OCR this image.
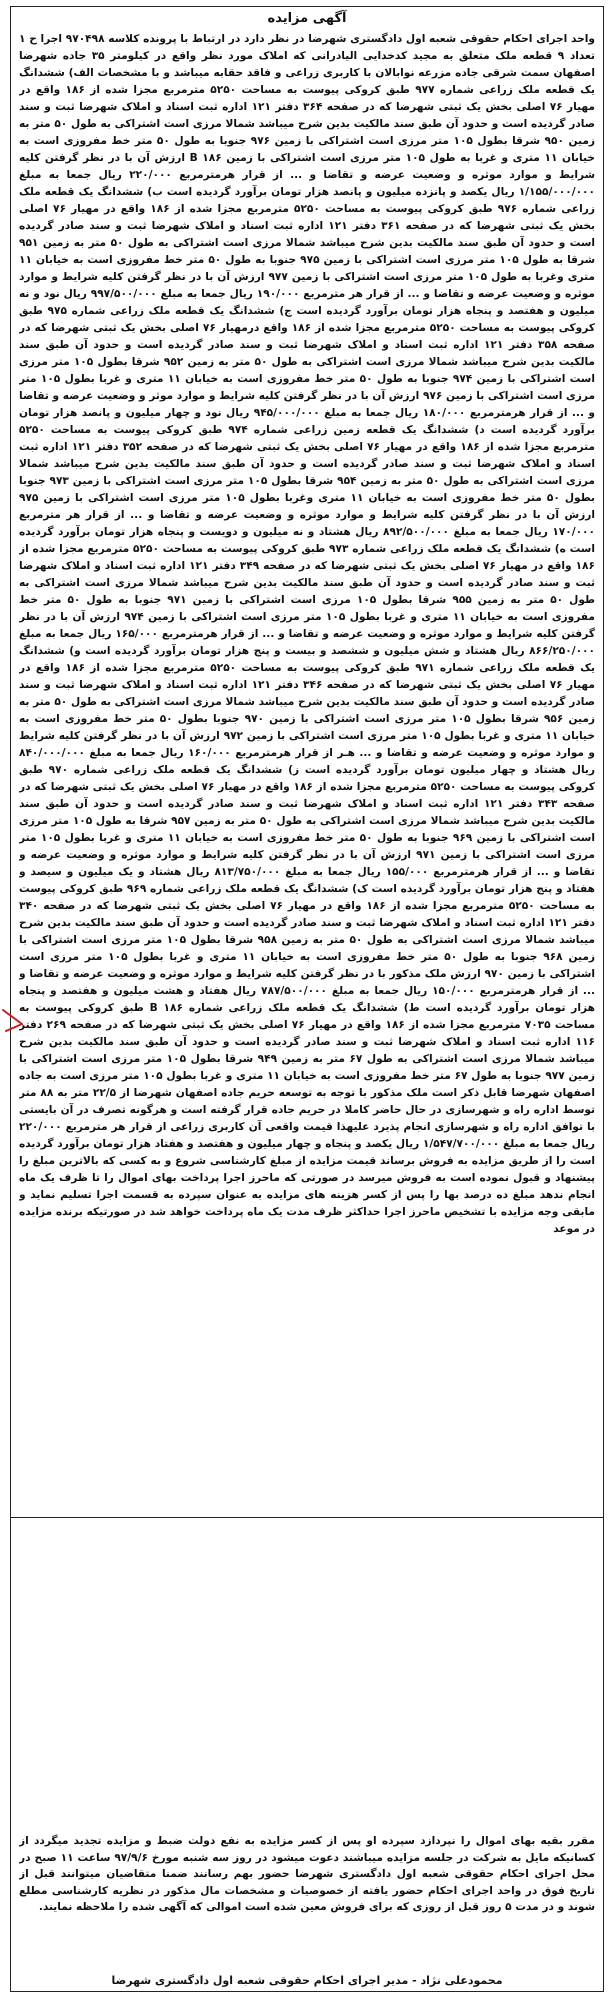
آگهی مزایده

واحد اجرای احکام حقوقی شعبه اول دادگستری شهرضا در نظر دارد در ارتباط با پرونده کلاسه ۹۷۰۴۹۸ اجرا ح ۱ تعداد ۹ قطعه ملک متعلق به مجید کدخدایی الیادرانی که املاک مورد نظر واقع در کیلومتر ۳۵ جاده شهرضا اصفهان سمت شرقی جاده مزرعه نوابالان با کاربری زراعی و فاقد حقابه میباشد و با مشخصات الف) ششدانگ یک قطعه ملک زراعی شماره ۹۷۷ طبق کروکی پیوست به مساحت ۵۲۵۰ مترمربع مجزا شده از ۱۸۶ واقع در مهیار ۷۶ اصلی بخش یک ثبتی شهرضا که در صفحه ۳۶۴ دفتر ۱۲۱ اداره ثبت اسناد و املاک شهرضا ثبت و سند صادر گردیده است و حدود آن طبق سند مالکیت بدین شرح میباشد شمالا مرزی است اشتراکی به طول ۵۰ متر به زمین ۹۵۰ شرقا بطول ۱۰۵ متر مرزی است اشتراکی با زمین ۹۷۶ جنوبا به طول ۵۰ متر خط مفروزی است به خیابان ۱۱ متری و غربا به طول ۱۰۵ متر مرزی است اشتراکی با زمین B ۱۸۶ ارزش آن با در نظر گرفتن کلیه شرایط و موارد موثره و وضعیت عرضه و تقاضا و ... از قرار هرمترمربع ۲۲۰/۰۰۰ ریال جمعا به مبلغ ۱/۱۵۵/۰۰۰/۰۰۰ ریال یکصد و پانزده میلیون و پانصد هزار تومان برآورد گردیده است ب) ششدانگ یک قطعه ملک زراعی شماره ۹۷۶ طبق کروکی پیوست به مساحت ۵۲۵۰ مترمربع مجزا شده از ۱۸۶ واقع در مهیار ۷۶ اصلی بخش یک ثبتی شهرضا که در صفحه ۳۶۱ دفتر ۱۲۱ اداره ثبت اسناد و املاک شهرضا ثبت و سند صادر گردیده است و حدود آن طبق سند مالکیت بدین شرح میباشد شمالا مرزی است اشتراکی به طول ۵۰ متر به زمین ۹۵۱ شرقا به طول ۱۰۵ متر مرزی است اشتراکی با زمین ۹۷۵ جنوبا به طول ۵۰ متر خط مفروزی است به خیابان ۱۱ متری وغربا به طول ۱۰۵ متر مرزی است اشتراکی با زمین ۹۷۷ ارزش آن با در نظر گرفتن کلیه شرایط و موارد موثره و وضعیت عرضه و تقاضا و ... از قرار هر مترمربع ۱۹۰/۰۰۰ ریال جمعا به مبلغ ۹۹۷/۵۰۰/۰۰۰ ریال نود و نه میلیون و هفتصد و پنجاه هزار تومان برآورد گردیده است ج) ششدانگ یک قطعه ملک زراعی شماره ۹۷۵ طبق کروکی پیوست به مساحت ۵۲۵۰ مترمربع مجزا شده از ۱۸۶ واقع درمهیار ۷۶ اصلی بخش یک ثبتی شهرضا که در صفحه ۳۵۸ دفتر ۱۲۱ اداره ثبت اسناد و املاک شهرضا ثبت و سند صادر گردیده است و حدود آن طبق سند مالکیت بدین شرح میباشد شمالا مرزی است اشتراکی به طول ۵۰ متر به زمین ۹۵۲ شرقا بطول ۱۰۵ متر مرزی است اشتراکی با زمین ۹۷۴ جنوبا به طول ۵۰ متر خط مفروزی است به خیابان ۱۱ متری و غربا بطول ۱۰۵ متر مرزی است اشتراکی با زمین ۹۷۶ ارزش آن با در نظر گرفتن کلیه شرایط و موارد موثر و وضعیت عرضه و تقاضا و ... از قرار هرمترمربع ۱۸۰/۰۰۰ ریال جمعا به مبلغ ۹۴۵/۰۰۰/۰۰۰ ریال نود و چهار میلیون و پانصد هزار تومان برآورد گردیده است د) ششدانگ یک قطعه زمین زراعی شماره ۹۷۴ طبق کروکی پیوست به مساحت ۵۲۵۰ مترمربع مجزا شده از ۱۸۶ واقع در مهیار ۷۶ اصلی بخش یک ثبتی شهرضا که در صفحه ۳۵۲ دفتر ۱۲۱ اداره ثبت اسناد و املاک شهرضا ثبت و سند صادر گردیده است و حدود آن طبق سند مالکیت بدین شرح میباشد شمالا مرزی است اشتراکی به طول ۵۰ متر به زمین ۹۵۴ شرقا بطول ۱۰۵ متر مرزی است اشتراکی با زمین ۹۷۳ جنوبا بطول ۵۰ متر خط مفروزی است به خیابان ۱۱ متری وغربا بطول ۱۰۵ متر مرزی است اشتراکی با زمین ۹۷۵ ارزش آن با در نظر گرفتن کلیه شرایط و موارد موثره و وضعیت عرضه و تقاضا و ... از قرار هر مترمربع ۱۷۰/۰۰۰ ریال جمعا به مبلغ ۸۹۲/۵۰۰/۰۰۰ ریال هشتاد و نه میلیون و دویست و پنجاه هزار تومان برآورد گردیده است ه) ششدانگ یک قطعه ملک زراعی شماره ۹۷۳ طبق کروکی پیوست به مساحت ۵۲۵۰ مترمربع مجزا شده از ۱۸۶ واقع در مهیار ۷۶ اصلی بخش یک ثبتی شهرضا که در صفحه ۳۴۹ دفتر ۱۲۱ اداره ثبت اسناد و املاک شهرضا ثبت و سند صادر گردیده است و حدود آن طبق سند مالکیت بدین شرح میباشد شمالا مرزی است اشتراکی به طول ۵۰ متر به زمین ۹۵۵ شرقا بطول ۱۰۵ مرزی است اشتراکی با زمین ۹۷۱ جنوبا به طول ۵۰ متر خط مفروزی است به خیابان ۱۱ متری و غربا بطول ۱۰۵ متر مرزی است اشتراکی با زمین ۹۷۴ ارزش آن با در نظر گرفتن کلیه شرایط و موارد موثره و وضعیت عرضه و تقاضا و ... از قرار هرمترمربع ۱۶۵/۰۰۰ ریال جمعا به مبلغ ۸۶۶/۲۵۰/۰۰۰ ریال هشتاد و شش میلیون و ششصد و بیست و پنج هزار تومان برآورد گردیده است و) ششدانگ یک قطعه ملک زراعی شماره ۹۷۱ طبق کروکی پیوست به مساحت ۵۲۵۰ مترمربع مجزا شده از ۱۸۶ واقع در مهیار ۷۶ اصلی بخش یک ثبتی شهرضا که در صفحه ۳۴۶ دفتر ۱۲۱ اداره ثبت اسناد و املاک شهرضا ثبت و سند صادر گردیده است و حدود آن طبق سند مالکیت بدین شرح میباشد شمالا مرزی است اشتراکی به طول ۵۰ متر به زمین ۹۵۶ شرقا بطول ۱۰۵ متر مرزی است اشتراکی با زمین ۹۷۰ جنوبا بطول ۵۰ متر خط مفروزی است به خیابان ۱۱ متری و غربا بطول ۱۰۵ متر مرزی است اشتراکی با زمین ۹۷۲ ارزش آن با در نظر گرفتن کلیه شرایط و موارد موثره و وضعیت عرضه و تقاضا و ... هـر از قرار هرمترمربع ۱۶۰/۰۰۰ ریال جمعا به مبلغ ۸۴۰/۰۰۰/۰۰۰ ریال هشتاد و چهار میلیون تومان برآورد گردیده است ز) ششدانگ یک قطعه ملک زراعی شماره ۹۷۰ طبق کروکی پیوست به مساحت ۵۲۵۰ مترمربع مجزا شده از ۱۸۶ واقع در مهیار ۷۶ اصلی بخش یک ثبتی شهرضا که در صفحه ۳۴۳ دفتر ۱۲۱ اداره ثبت اسناد و املاک شهرضا ثبت و سند صادر گردیده است و حدود آن طبق سند مالکیت بدین شرح میباشد شمالا مرزی است اشتراکی به طول ۵۰ متر به زمین ۹۵۷ شرقا به طول ۱۰۵ متر مرزی است اشتراکی با زمین ۹۶۹ جنوبا به طول ۵۰ متر خط مفروزی است به خیابان ۱۱ متری و غربا بطول ۱۰۵ متر مرزی است اشتراکی با زمین ۹۷۱ ارزش آن با در نظر گرفتن کلیه شرایط و موارد موثره و وضعیت عرضه و تقاضا و ... از قرار هرمترمربع ۱۵۵/۰۰۰ ریال جمعا به مبلغ ۸۱۳/۷۵۰/۰۰۰ ریال هشتاد و یک میلیون و سیصد و هفتاد و پنج هزار تومان برآورد گردیده است ک) ششدانگ یک قطعه ملک زراعی شماره ۹۶۹ طبق کروکی پیوست به مساحت ۵۲۵۰ مترمربع مجزا شده از ۱۸۶ واقع در مهیار ۷۶ اصلی بخش یک ثبتی شهرضا که در صفحه ۳۴۰ دفتر ۱۲۱ اداره ثبت اسناد و املاک شهرضا ثبت و سند صادر گردیده است و حدود آن طبق سند مالکیت بدین شرح میباشد شمالا مرزی است اشتراکی به طول ۵۰ متر به زمین ۹۵۸ شرقا بطول ۱۰۵ متر مرزی است اشتراکی با زمین ۹۶۸ جنوبا به طول ۵۰ متر خط مفروزی است به خیابان ۱۱ متری و غربا بطول ۱۰۵ متر مرزی است اشتراکی با زمین ۹۷۰ ارزش ملک مذکور با در نظر گرفتن کلیه شرایط و موارد موثره و وضعیت عرضه و تقاضا و ... از قرار هرمترمربع ۱۵۰/۰۰۰ ریال جمعا به مبلغ ۷۸۷/۵۰۰/۰۰۰ ریال هفتاد و هشت میلیون و هفتصد و پنجاه هزار تومان برآورد گردیده است ط) ششدانگ یک قطعه ملک زراعی شماره B ۱۸۶ طبق کروکی پیوست به مساحت ۷۰۳۵ مترمربع مجزا شده از ۱۸۶ واقع در مهیار ۷۶ اصلی بخش یک ثبتی شهرضا که در صفحه ۲۶۹ دفتر ۱۱۶ اداره ثبت اسناد و املاک شهرضا ثبت و سند صادر گردیده است و حدود آن طبق سند مالکیت بدین شرح میباشد شمالا مرزی است اشتراکی به طول ۶۷ متر به زمین ۹۴۹ شرقا بطول ۱۰۵ متر مرزی است اشتراکی با زمین ۹۷۷ جنوبا به طول ۶۷ متر خط مفروزی است به خیابان ۱۱ متری و غربا بطول ۱۰۵ متر مرزی است به جاده اصفهان شهرضا قابل ذکر است ملک مذکور با توجه به توسعه حریم جاده اصفهان شهرضا از ۲۲/۵ متر به ۸۸ متر توسط اداره راه و شهرسازی در حال حاضر کاملا در حریم جاده قرار گرفته است و هرگونه تصرف در آن بایستی با توافق اداره راه و شهرسازی انجام پذیرد علیهذا قیمت واقعی آن کاربری زراعی از قرار هر مترمربع ۲۲۰/۰۰۰ ریال جمعا به مبلغ ۱/۵۴۷/۷۰۰/۰۰۰ ریال یکصد و پنجاه و چهار میلیون و هفتصد و هفتاد هزار تومان برآورد گردیده است را از طریق مزایده به فروش برساند قیمت مزایده از مبلغ کارشناسی شروع و به کسی که بالاترین مبلغ را پیشنهاد و قبول نموده است به فروش میرسد در صورتی که ماحرز اجرا پرداخت بهای اموال را تا ظرف یک ماه انجام ندهد مبلغ ده درصد بها را پس از کسر هزینه های مزایده به عنوان سپرده به قسمت اجرا تسلیم نماید و مابقی وجه مزایده با تشخیص ماحرز اجرا حداکثر ظرف مدت یک ماه پرداخت خواهد شد در صورتیکه برنده مزایده در موعد

مقرر بقیه بهای اموال را نپردازد سپرده او پس از کسر مزایده به نفع دولت ضبط و مزایده تجدید میگردد از کسانیکه مایل به شرکت در جلسه مزایده میباشند دعوت میشود در روز سه شنبه مورخ ۹۷/۹/۶ ساعت ۱۱ صبح در محل اجرای احکام حقوقی شعبه اول دادگستری شهرضا حضور بهم رسانند ضمنا متقاضیان میتوانند قبل از تاریخ فوق در واحد اجرای احکام حضور یافته از خصوصیات و مشخصات مال مذکور در نظریه کارشناسی مطلع شوند و در مدت ۵ روز قبل از روزی که برای فروش معین شده است اموالی که آگهی شده را ملاحظه نمایند.

محمودعلی نژاد - مدیر اجرای احکام حقوقی شعبه اول دادگستری شهرضا
